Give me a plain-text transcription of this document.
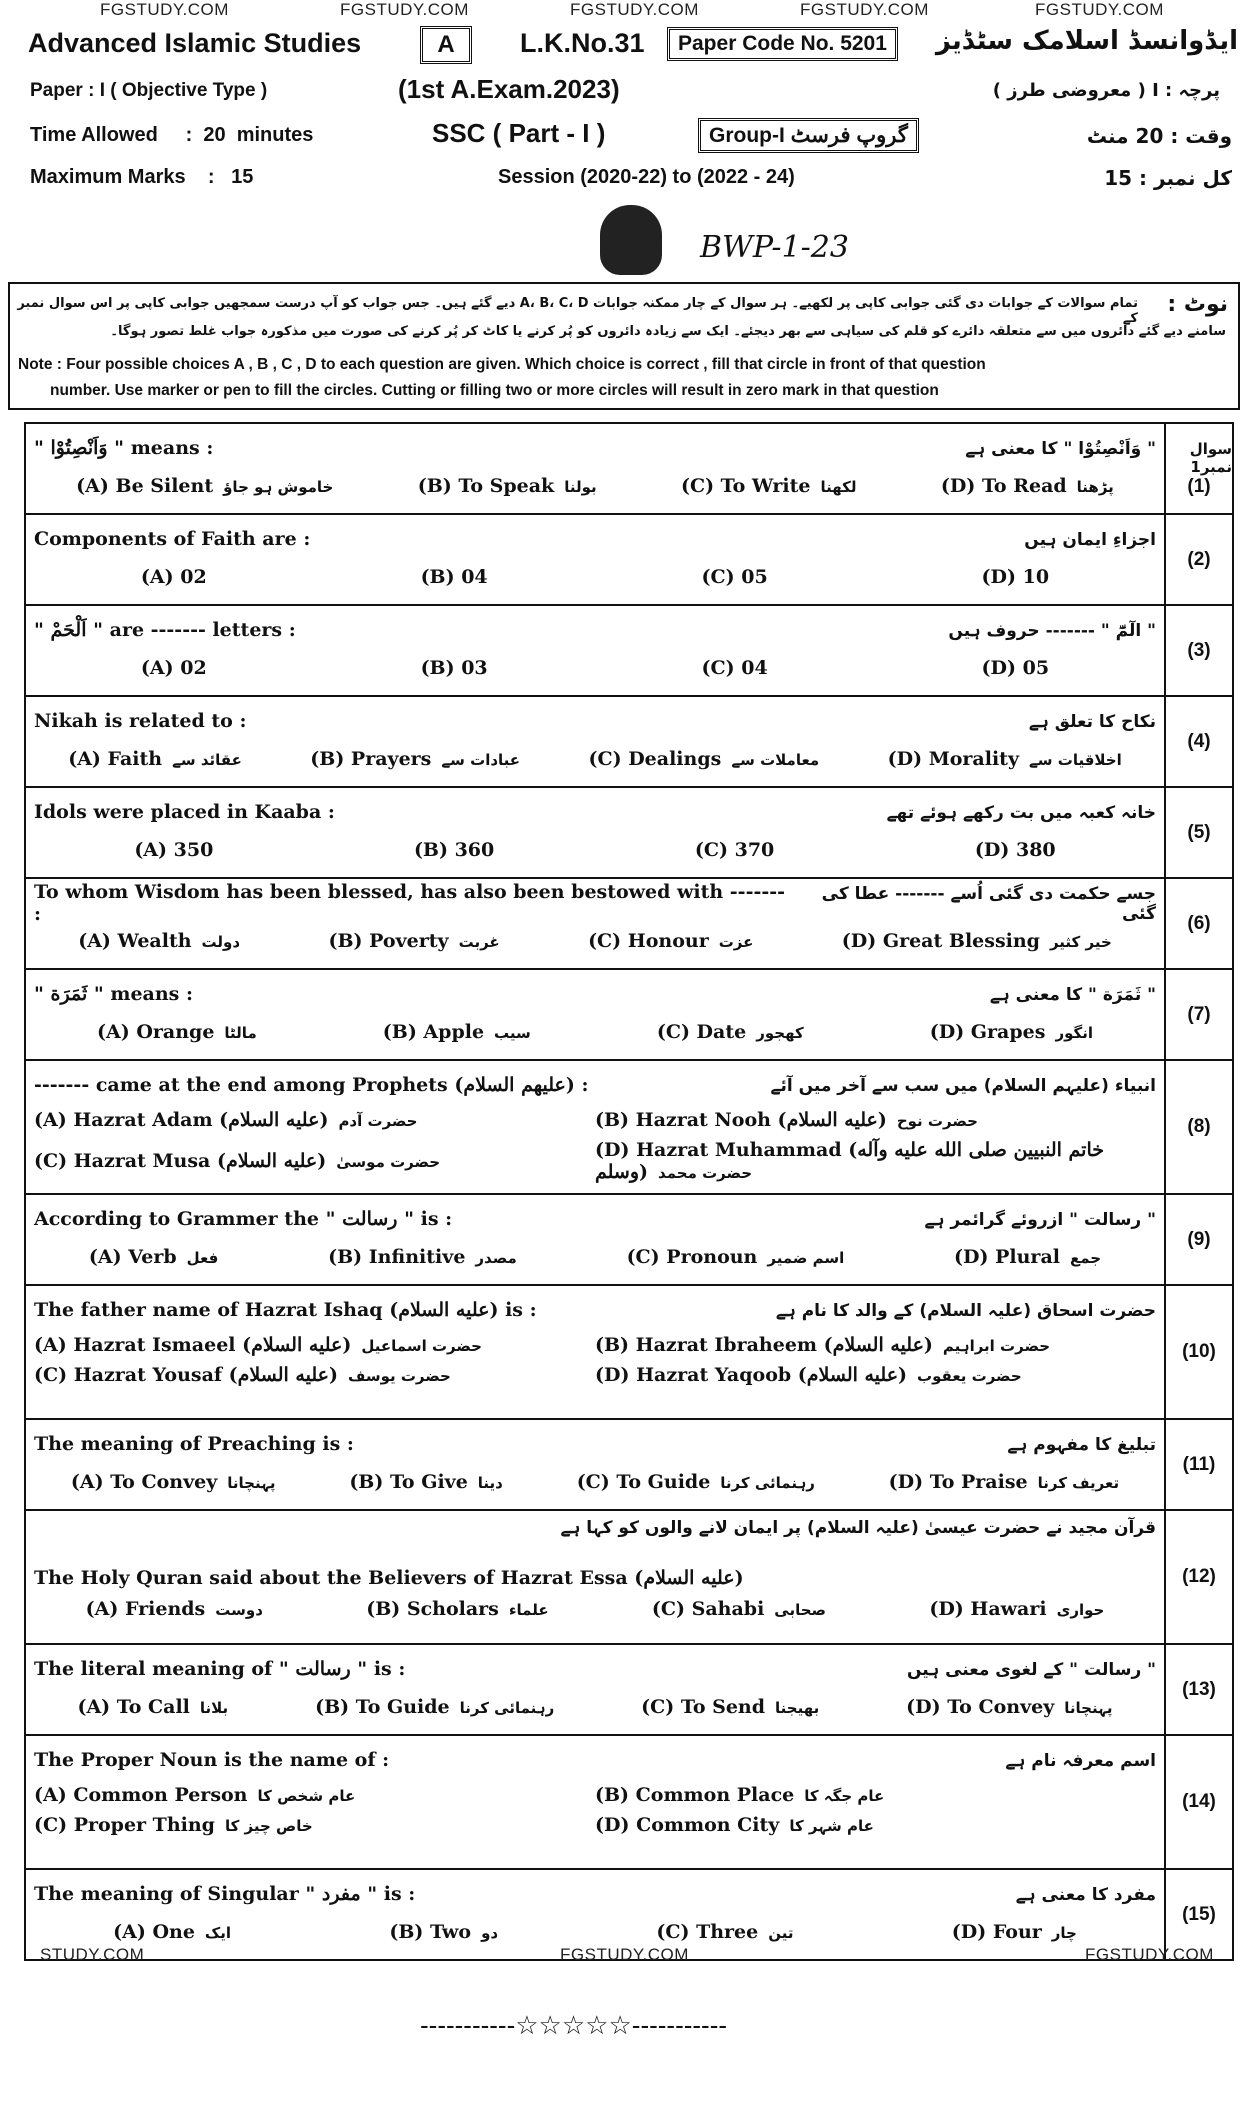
FGSTUDY.COM	FGSTUDY.COM	FGSTUDY.COM	FGSTUDY.COM	FGSTUDY.COM
Advanced Islamic Studies	A	L.K.No.31	Paper Code No. 5201	ایڈوانسڈ اسلامک سٹڈیز
Paper : I ( Objective Type )	(1st A.Exam.2023)	پرچہ : I ( معروضی طرز )
Time Allowed     :  20  minutes	SSC ( Part - I )	Group-I گروپ فرسٹ	وقت : 20 منٹ
Maximum Marks    :   15	Session (2020-22) to (2022 - 24)	کل نمبر : 15
BWP-1-23
نوٹ :
تمام سوالات کے جوابات دی گئی جوابی کاپی پر لکھیے۔ ہر سوال کے چار ممکنہ جوابات A، B، C، D دیے گئے ہیں۔ جس جواب کو آپ درست سمجھیں جوابی کاپی پر اس سوال نمبر کے
سامنے دیے گئے دائروں میں سے متعلقہ دائرے کو قلم کی سیاہی سے بھر دیجئے۔ ایک سے زیادہ دائروں کو پُر کرنے یا کاٹ کر پُر کرنے کی صورت میں مذکورہ جواب غلط تصور ہوگا۔
Note : Four possible choices A , B , C , D to each question are given. Which choice is correct , fill that circle in front of that question
number. Use marker or pen to fill the circles. Cutting or filling two or more circles will result in zero mark in that question
" وَاَنْصِتُوْا " means :	" وَاَنْصِتُوْا " کا معنی ہے
(A) Be Silent خاموش ہو جاؤ	(B) To Speak بولنا	(C) To Write لکھنا	(D) To Read پڑھنا
سوال نمبر1
(1)
Components of Faith are :	اجزاءِ ایمان ہیں
(A) 02	(B) 04	(C) 05	(D) 10
(2)
" اَلْحَمْ " are ------- letters :	" الٓمّٓ " ------- حروف ہیں
(A) 02	(B) 03	(C) 04	(D) 05
(3)
Nikah is related to :	نکاح کا تعلق ہے
(A) Faith عقائد سے	(B) Prayers عبادات سے	(C) Dealings معاملات سے	(D) Morality اخلاقیات سے
(4)
Idols were placed in Kaaba :	خانہ کعبہ میں بت رکھے ہوئے تھے
(A) 350	(B) 360	(C) 370	(D) 380
(5)
To whom Wisdom has been blessed, has also been bestowed with ------- :
جسے حکمت دی گئی اُسے ------- عطا کی گئی
(A) Wealth دولت	(B) Poverty غربت	(C) Honour عزت	(D) Great Blessing خیر کثیر
(6)
" ثَمَرَة " means :	" ثَمَرَة " کا معنی ہے
(A) Orange مالٹا	(B) Apple سیب	(C) Date کھجور	(D) Grapes انگور
(7)
------- came at the end among Prophets (علیهم السلام) :	انبیاء (علیہم السلام) میں سب سے آخر میں آئے
(A) Hazrat Adam (علیه السلام) حضرت آدم	(B) Hazrat Nooh (علیه السلام) حضرت نوح
(C) Hazrat Musa (علیه السلام) حضرت موسیٰ
(D) Hazrat Muhammad (خاتم النبیین صلی الله علیه وآله وسلم) حضرت محمد
(8)
According to Grammer the " رسالت " is :	" رسالت " ازروئے گرائمر ہے
(A) Verb فعل	(B) Infinitive مصدر	(C) Pronoun اسم ضمیر	(D) Plural جمع
(9)
The father name of Hazrat Ishaq (علیه السلام) is :	حضرت اسحاق (علیہ السلام) کے والد کا نام ہے
(A) Hazrat Ismaeel (علیه السلام) حضرت اسماعیل	(B) Hazrat Ibraheem (علیه السلام) حضرت ابراہیم
(C) Hazrat Yousaf (علیه السلام) حضرت یوسف	(D) Hazrat Yaqoob (علیه السلام) حضرت یعقوب
(10)
The meaning of Preaching is :	تبلیغ کا مفہوم ہے
(A) To Convey پہنچانا	(B) To Give دینا	(C) To Guide رہنمائی کرنا	(D) To Praise تعریف کرنا
(11)
قرآن مجید نے حضرت عیسیٰ (علیہ السلام) پر ایمان لانے والوں کو کہا ہے
The Holy Quran said about the Believers of Hazrat Essa (علیه السلام)
(A) Friends دوست	(B) Scholars علماء	(C) Sahabi صحابی	(D) Hawari حواری
(12)
The literal meaning of " رسالت " is :	" رسالت " کے لغوی معنی ہیں
(A) To Call بلانا	(B) To Guide رہنمائی کرنا	(C) To Send بھیجنا	(D) To Convey پہنچانا
(13)
The Proper Noun is the name of :	اسم معرفہ نام ہے
(A) Common Person عام شخص کا	(B) Common Place عام جگہ کا
(C) Proper Thing خاص چیز کا	(D) Common City عام شہر کا
(14)
The meaning of Singular " مفرد " is :	مفرد کا معنی ہے
(A) One ایک	(B) Two دو	(C) Three تین	(D) Four چار
(15)
STUDY.COM	FGSTUDY.COM	FGSTUDY.COM
-----------☆☆☆☆☆-----------
